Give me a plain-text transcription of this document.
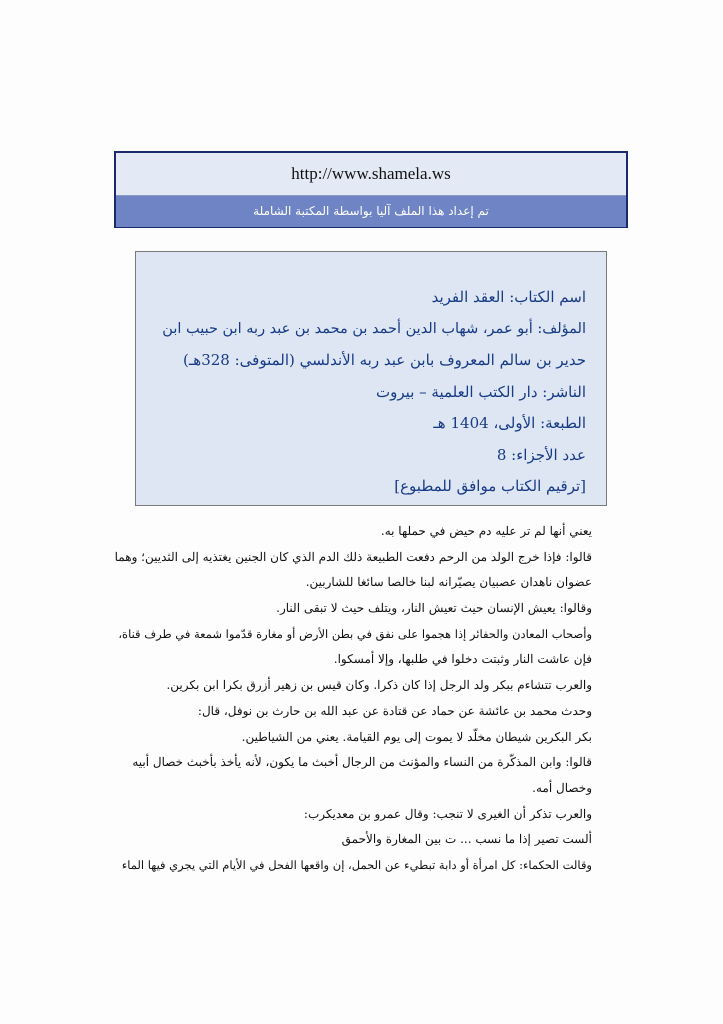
http://www.shamela.ws
تم إعداد هذا الملف آليا بواسطة المكتبة الشاملة
اسم الكتاب: العقد الفريد
المؤلف: أبو عمر، شهاب الدين أحمد بن محمد بن عبد ربه ابن حبيب ابن
حدير بن سالم المعروف بابن عبد ربه الأندلسي (المتوفى: 328هـ)
الناشر: دار الكتب العلمية – بيروت
الطبعة: الأولى، 1404 هـ
عدد الأجزاء: 8
[ترقيم الكتاب موافق للمطبوع]
يعني أنها لم تر عليه دم حيض في حملها به.
قالوا: فإذا خرج الولد من الرحم دفعت الطبيعة ذلك الدم الذي كان الجنين يغتذيه إلى الثديين؛ وهما
عضوان ناهدان عصبيان يصيّرانه لبنا خالصا سائغا للشاربين.
وقالوا: يعيش الإنسان حيث تعيش النار، ويتلف حيث لا تبقى النار.
وأصحاب المعادن والحفائر إذا هجموا على نفق في بطن الأرض أو مغارة قدّموا شمعة في طرف قناة،
فإن عاشت النار وثبتت دخلوا في طلبها، وإلا أمسكوا.
والعرب تتشاءم ببكر ولد الرجل إذا كان ذكرا. وكان قيس بن زهير أزرق بكرا ابن بكرين.
وحدث محمد بن عائشة عن حماد عن قتادة عن عبد الله بن حارث بن نوفل، قال:
بكر البكرين شيطان مخلّد لا يموت إلى يوم القيامة. يعني من الشياطين.
قالوا: وابن المذكّرة من النساء والمؤنث من الرجال أخبث ما يكون، لأنه يأخذ بأخبث خصال أبيه
وخصال أمه.
والعرب تذكر أن الغيرى لا تنجب: وقال عمرو بن معديكرب:
ألست تصير إذا ما نسب ... ت بين المغارة والأحمق
وقالت الحكماء: كل امرأة أو دابة تبطيء عن الحمل، إن واقعها الفحل في الأيام التي يجري فيها الماء
